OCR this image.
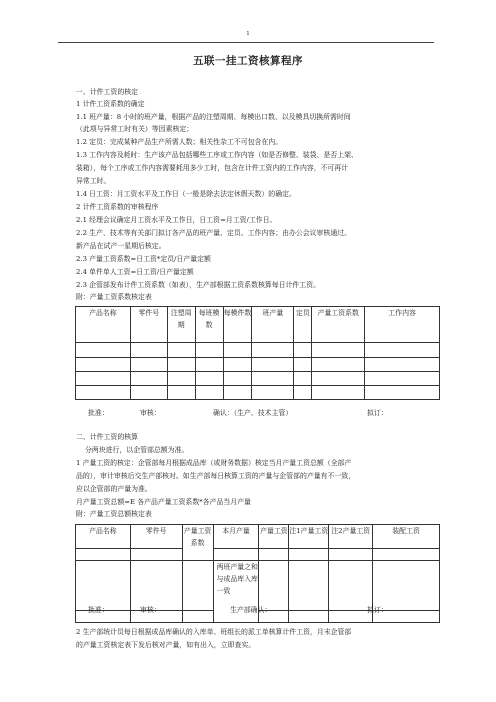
1
五联一挂工资核算程序
一、计件工资的核定
1 计件工资系数的确定
1.1 班产量：8 小时的班产量，根据产品的注塑周期、每模出口数、以及模具切换所需时间
（此项与异常工时有关）等因素核定；
1.2 定员：完成某种产品生产所需人数；相关性杂工不可包含在内。
1.3 工作内容及耗时：生产该产品包括哪些工序或工作内容（如是否修整、装袋、是否上架、
装箱），每个工序或工作内容需要耗用多少工时，包含在计件工资内的工作内容，不可再计
异常工时。
1.4 日工资：月工资水平及工作日（一般是除去法定休假天数）的确定。
2 计件工资系数的审核程序
2.1 经理会议确定月工资水平及工作日，日工资=月工资/工作日。
2.2 生产、技术等有关部门拟订各产品的班产量、定员、工作内容；由办公会议审核通过。
新产品在试产一星期后核定。
2.3 产量工资系数=日工资*定员/日产量定额
2.4 单件单人工资=日工资/日产量定额
2.3 企管部发布计件工资系数（如表），生产部根据工资系数核算每日计件工资。
附：产量工资系数核定表
产品名称	零件号	注塑周期	每班模数	每模件数	班产量	定员	产量工资系数	工作内容

批准：	审核：	确认：（生产、技术主管）	拟订：
二、计件工资的核算
分两块进行，以企管部总额为准。
1 产量工资的核定：企管部每月根据成品库（或财务数据）核定当月产量工资总额（全部产
品的），审计审核后交生产部核对。如生产部每日核算工资的产量与企管部的产量有不一致，
应以企管部的产量为准。
月产量工资总额=E 各产品产量工资系数*各产品当月产量
附：产量工资总额核定表
产品名称	零件号	产量工资系数	本月产量	产量工资	注1产量工资	注2产量工资	装配工资

			两班产量之和与成品库入库一致				

批准：	审核：	生产部确认：	拟订：
2 生产部统计员每日根据成品库确认的入库单、班组长的派工单核算计件工资，月末企管部
的产量工资核定表下发后核对产量，如有出入，立即查实。
